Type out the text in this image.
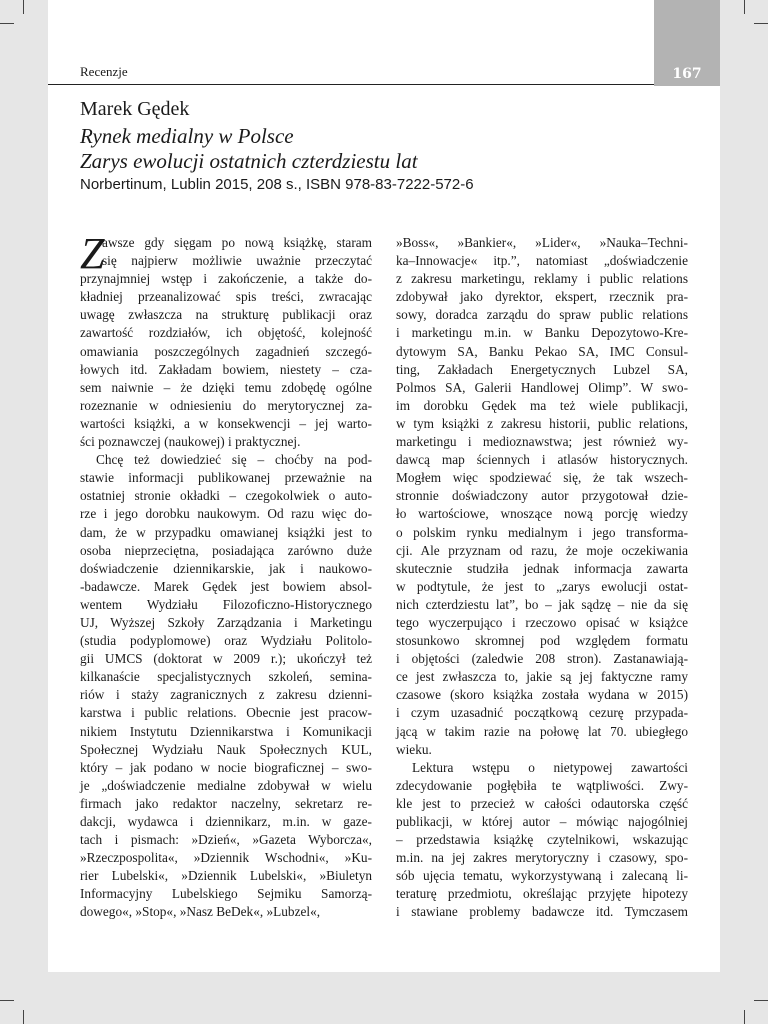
167
Recenzje
Marek Gędek
Rynek medialny w Polsce
Zarys ewolucji ostatnich czterdziestu lat
Norbertinum, Lublin 2015, 208 s., ISBN 978-83-7222-572-6
Z
awsze gdy sięgam po nową książkę, staram
się najpierw możliwie uważnie przeczytać
przynajmniej wstęp i zakończenie, a także do-
kładniej przeanalizować spis treści, zwracając
uwagę zwłaszcza na strukturę publikacji oraz
zawartość rozdziałów, ich objętość, kolejność
omawiania poszczególnych zagadnień szczegó-
łowych itd. Zakładam bowiem, niestety – cza-
sem naiwnie – że dzięki temu zdobędę ogólne
rozeznanie w odniesieniu do merytorycznej za-
wartości książki, a w konsekwencji – jej warto-
ści poznawczej (naukowej) i praktycznej.
Chcę też dowiedzieć się – choćby na pod-
stawie informacji publikowanej przeważnie na
ostatniej stronie okładki – czegokolwiek o auto-
rze i jego dorobku naukowym. Od razu więc do-
dam, że w przypadku omawianej książki jest to
osoba nieprzeciętna, posiadająca zarówno duże
doświadczenie dziennikarskie, jak i naukowo-
-badawcze. Marek Gędek jest bowiem absol-
wentem Wydziału Filozoficzno-Historycznego
UJ, Wyższej Szkoły Zarządzania i Marketingu
(studia podyplomowe) oraz Wydziału Politolo-
gii UMCS (doktorat w 2009 r.); ukończył też
kilkanaście specjalistycznych szkoleń, semina-
riów i staży zagranicznych z zakresu dzienni-
karstwa i public relations. Obecnie jest pracow-
nikiem Instytutu Dziennikarstwa i Komunikacji
Społecznej Wydziału Nauk Społecznych KUL,
który – jak podano w nocie biograficznej – swo-
je „doświadczenie medialne zdobywał w wielu
firmach jako redaktor naczelny, sekretarz re-
dakcji, wydawca i dziennikarz, m.in. w gazе-
tach i pismach: »Dzień«, »Gazeta Wyborcza«,
»Rzeczpospolita«, »Dziennik Wschodni«, »Ku-
rier Lubelski«, »Dziennik Lubelski«, »Biuletyn
Informacyjny Lubelskiego Sejmiku Samorzą-
dowego«, »Stop«, »Nasz BeDek«, »Lubzel«,
»Boss«, »Bankier«, »Lider«, »Nauka–Techni-
ka–Innowacje« itp.”, natomiast „doświadczenie
z zakresu marketingu, reklamy i public relations
zdobywał jako dyrektor, ekspert, rzecznik pra-
sowy, doradca zarządu do spraw public relations
i marketingu m.in. w Banku Depozytowo-Kre-
dytowym SA, Banku Pekao SA, IMC Consul-
ting, Zakładach Energetycznych Lubzel SA,
Polmos SA, Galerii Handlowej Olimp”. W swo-
im dorobku Gędek ma też wiele publikacji,
w tym książki z zakresu historii, public relations,
marketingu i medioznawstwa; jest również wy-
dawcą map ściennych i atlasów historycznych.
Mogłem więc spodziewać się, że tak wszech-
stronnie doświadczony autor przygotował dzie-
ło wartościowe, wnoszące nową porcję wiedzy
o polskim rynku medialnym i jego transforma-
cji. Ale przyznam od razu, że moje oczekiwania
skutecznie studziła jednak informacja zawarta
w podtytule, że jest to „zarys ewolucji ostat-
nich czterdziestu lat”, bo – jak sądzę – nie da się
tego wyczerpująco i rzeczowo opisać w książce
stosunkowo skromnej pod względem formatu
i objętości (zaledwie 208 stron). Zastanawiają-
ce jest zwłaszcza to, jakie są jej faktyczne ramy
czasowe (skoro książka została wydana w 2015)
i czym uzasadnić początkową cezurę przypada-
jącą w takim razie na połowę lat 70. ubiegłego
wieku.
Lektura wstępu o nietypowej zawartości
zdecydowanie pogłębiła te wątpliwości. Zwy-
kle jest to przecież w całości odautorska część
publikacji, w której autor – mówiąc najogólniej
– przedstawia książkę czytelnikowi, wskazując
m.in. na jej zakres merytoryczny i czasowy, spo-
sób ujęcia tematu, wykorzystywaną i zalecaną li-
teraturę przedmiotu, określając przyjęte hipotezy
i stawiane problemy badawcze itd. Tymczasem
